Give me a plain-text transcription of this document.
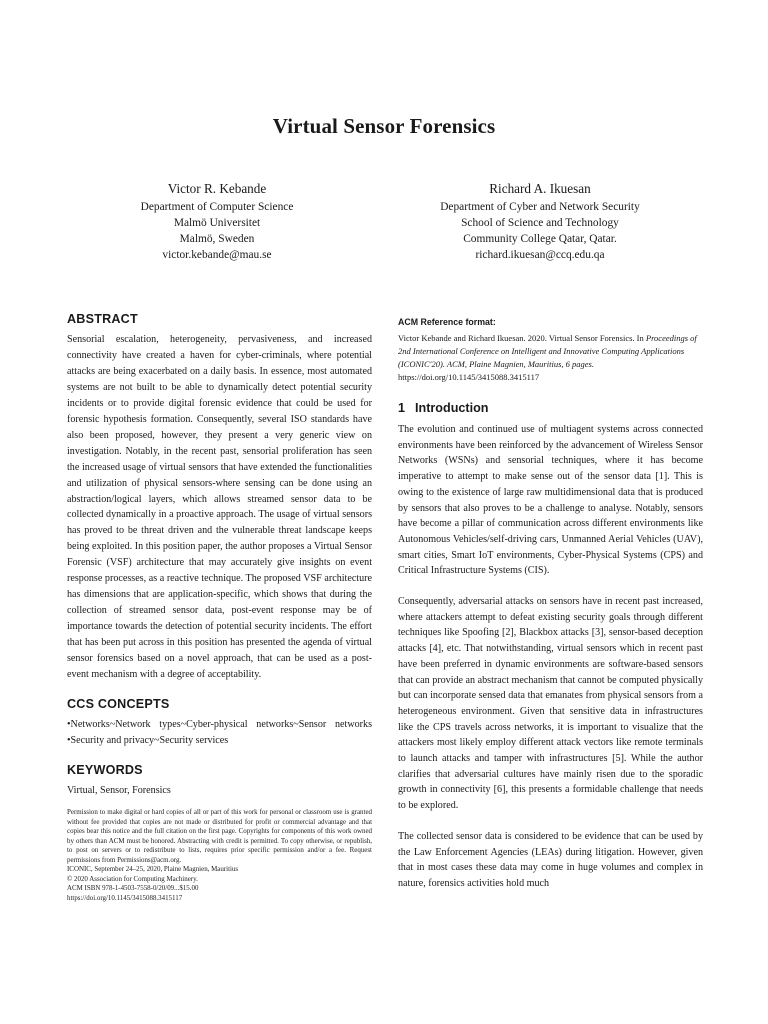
Virtual Sensor Forensics
Victor R. Kebande
Department of Computer Science
Malmö Universitet
Malmö, Sweden
victor.kebande@mau.se
Richard A. Ikuesan
Department of Cyber and Network Security
School of Science and Technology
Community College Qatar, Qatar.
richard.ikuesan@ccq.edu.qa
ABSTRACT

Sensorial escalation, heterogeneity, pervasiveness, and increased connectivity have created a haven for cyber-criminals, where potential attacks are being exacerbated on a daily basis. In essence, most automated systems are not built to be able to dynamically detect potential security incidents or to provide digital forensic evidence that could be used for forensic hypothesis formation. Consequently, several ISO standards have also been proposed, however, they present a very generic view on investigation. Notably, in the recent past, sensorial proliferation has seen the increased usage of virtual sensors that have extended the functionalities and utilization of physical sensors-where sensing can be done using an abstraction/logical layers, which allows streamed sensor data to be collected dynamically in a proactive approach. The usage of virtual sensors has proved to be threat driven and the vulnerable threat landscape keeps being exploited. In this position paper, the author proposes a Virtual Sensor Forensic (VSF) architecture that may accurately give insights on event response processes, as a reactive technique. The proposed VSF architecture has dimensions that are application-specific, which shows that during the collection of streamed sensor data, post-event response may be of importance towards the detection of potential security incidents. The effort that has been put across in this position has presented the agenda of virtual sensor forensics based on a novel approach, that can be used as a post-event mechanism with a degree of acceptability.

CCS CONCEPTS

•Networks~Network types~Cyber-physical networks~Sensor networks •Security and privacy~Security services

KEYWORDS

Virtual, Sensor, Forensics

Permission to make digital or hard copies of all or part of this work for personal or classroom use is granted without fee provided that copies are not made or distributed for profit or commercial advantage and that copies bear this notice and the full citation on the first page. Copyrights for components of this work owned by others than ACM must be honored. Abstracting with credit is permitted. To copy otherwise, or republish, to post on servers or to redistribute to lists, requires prior specific permission and/or a fee. Request permissions from Permissions@acm.org.
ICONIC, September 24–25, 2020, Plaine Magnien, Mauritius
© 2020 Association for Computing Machinery.
ACM ISBN 978-1-4503-7558-0/20/09...$15.00
https://doi.org/10.1145/3415088.3415117
ACM Reference format:

Victor Kebande and Richard Ikuesan. 2020. Virtual Sensor Forensics. In Proceedings of 2nd International Conference on Intelligent and Innovative Computing Applications (ICONIC'20). ACM, Plaine Magnien, Mauritius, 6 pages. https://doi.org/10.1145/3415088.3415117

1 Introduction

The evolution and continued use of multiagent systems across connected environments have been reinforced by the advancement of Wireless Sensor Networks (WSNs) and sensorial techniques, where it has become imperative to attempt to make sense out of the sensor data [1]. This is owing to the existence of large raw multidimensional data that is produced by sensors that also proves to be a challenge to analyse. Notably, sensors have become a pillar of communication across different environments like Autonomous Vehicles/self-driving cars, Unmanned Aerial Vehicles (UAV), smart cities, Smart IoT environments, Cyber-Physical Systems (CPS) and Critical Infrastructure Systems (CIS).

Consequently, adversarial attacks on sensors have in recent past increased, where attackers attempt to defeat existing security goals through different techniques like Spoofing [2], Blackbox attacks [3], sensor-based deception attacks [4], etc. That notwithstanding, virtual sensors which in recent past have been preferred in dynamic environments are software-based sensors that can provide an abstract mechanism that cannot be computed physically but can incorporate sensed data that emanates from physical sensors from a heterogeneous environment. Given that sensitive data in infrastructures like the CPS travels across networks, it is important to visualize that the attackers most likely employ different attack vectors like remote terminals to launch attacks and tamper with infrastructures [5]. While the author clarifies that adversarial cultures have mainly risen due to the sporadic growth in connectivity [6], this presents a formidable challenge that needs to be explored.

The collected sensor data is considered to be evidence that can be used by the Law Enforcement Agencies (LEAs) during litigation. However, given that in most cases these data may come in huge volumes and complex in nature, forensics activities hold much
